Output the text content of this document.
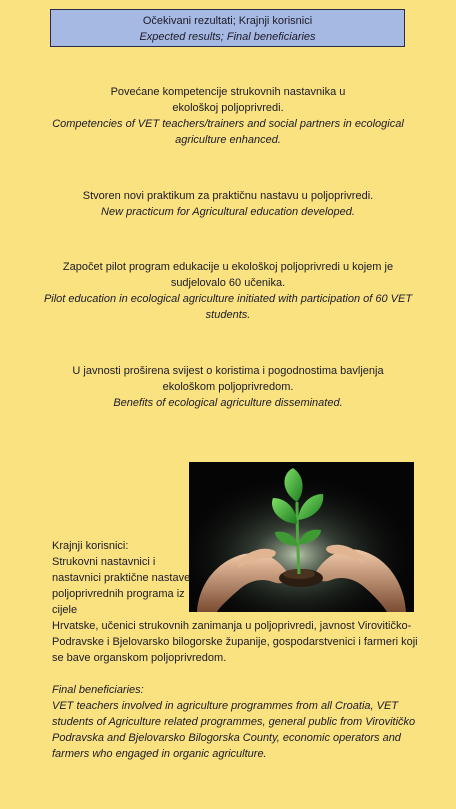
Očekivani rezultati; Krajnji korisnici
Expected results; Final beneficiaries
Povećane kompetencije strukovnih nastavnika u ekološkoj poljoprivredi.
Competencies of VET teachers/trainers and social partners in ecological agriculture enhanced.
Stvoren novi praktikum za praktičnu nastavu u poljoprivredi.
New practicum for Agricultural education developed.
Započet pilot program edukacije u ekološkoj poljoprivredi u kojem je sudjelovalo 60 učenika.
Pilot education in ecological agriculture initiated with participation of 60 VET students.
U javnosti proširena svijest o koristima i pogodnostima bavljenja ekološkom poljoprivredom.
Benefits of ecological agriculture disseminated.

Krajnji korisnici:

Strukovni nastavnici i nastavnici praktične nastave poljoprivrednih programa iz cijele

Hrvatske, učenici strukovnih zanimanja u poljoprivredi, javnost Virovitičko-Podravske i Bjelovarsko bilogorske županije, gospodarstvenici i farmeri koji se bave organskom poljoprivredom.

Final beneficiaries:

VET teachers involved in agriculture programmes from all Croatia, VET students of Agriculture related programmes, general public from Virovitičko Podravska and Bjelovarsko Bilogorska County, economic operators and farmers who engaged in organic agriculture.
